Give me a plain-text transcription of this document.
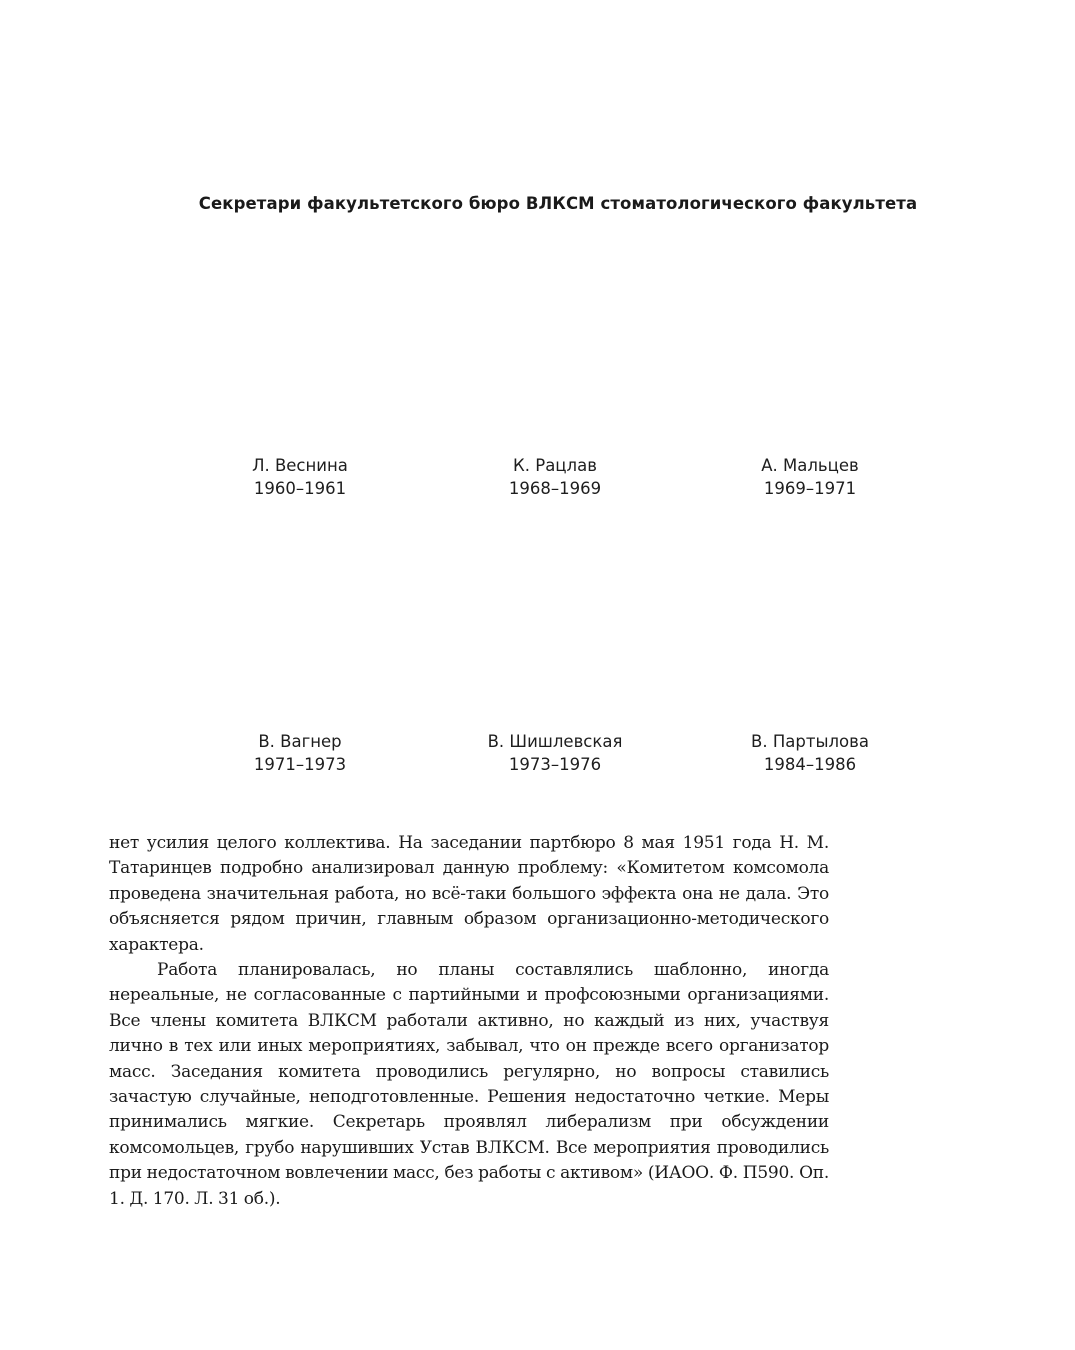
Секретари факультетского бюро ВЛКСМ стоматологического факультета
Л. Веснина
1960–1961
К. Рацлав
1968–1969
А. Мальцев
1969–1971
В. Вагнер
1971–1973
В. Шишлевская
1973–1976
В. Партылова
1984–1986

нет усилия целого коллектива. На заседании партбюро 8 мая 1951 года Н. М. Татаринцев подробно анализировал данную проблему: «Комитетом комсомола проведена значительная работа, но всё-таки большого эффекта она не дала. Это объясняется рядом причин, главным образом организационно-методического характера.

Работа планировалась, но планы составлялись шаблонно, иногда нереальные, не согласованные с партийными и профсоюзными организациями. Все члены комитета ВЛКСМ работали активно, но каждый из них, участвуя лично в тех или иных мероприятиях, забывал, что он прежде всего организатор масс. Заседания комитета проводились регулярно, но вопросы ставились зачастую случайные, неподготовленные. Решения недостаточно четкие. Меры принимались мягкие. Секретарь проявлял либерализм при обсуждении комсомольцев, грубо нарушивших Устав ВЛКСМ. Все мероприятия проводились при недостаточном вовлечении масс, без работы с активом» (ИАОО. Ф. П590. Оп. 1. Д. 170. Л. 31 об.).
